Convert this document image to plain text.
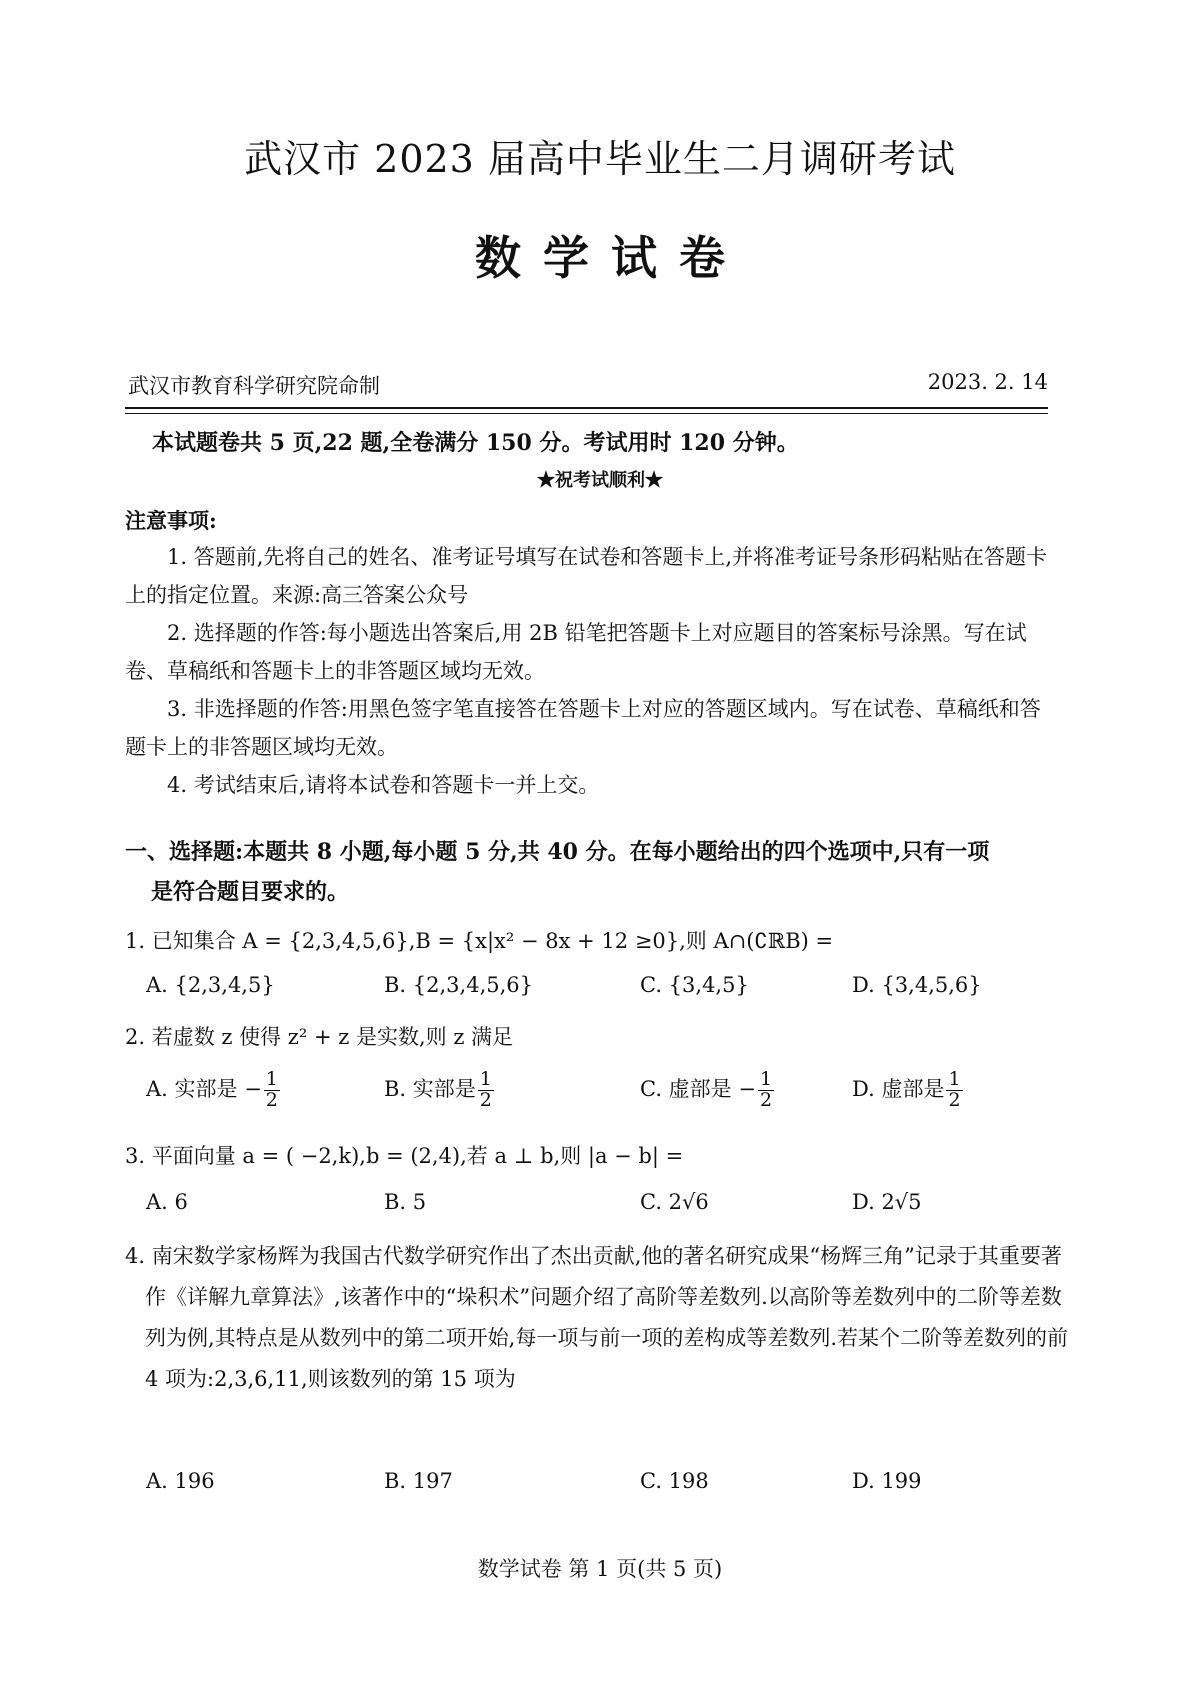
武汉市 2023 届高中毕业生二月调研考试
数学试卷
武汉市教育科学研究院命制	2023. 2. 14
本试题卷共 5 页,22 题,全卷满分 150 分。考试用时 120 分钟。
★祝考试顺利★
注意事项:
1. 答题前,先将自己的姓名、准考证号填写在试卷和答题卡上,并将准考证号条形码粘贴在答题卡上的指定位置。来源:高三答案公众号
2. 选择题的作答:每小题选出答案后,用 2B 铅笔把答题卡上对应题目的答案标号涂黑。写在试卷、草稿纸和答题卡上的非答题区域均无效。
3. 非选择题的作答:用黑色签字笔直接答在答题卡上对应的答题区域内。写在试卷、草稿纸和答题卡上的非答题区域均无效。
4. 考试结束后,请将本试卷和答题卡一并上交。
一、选择题:本题共 8 小题,每小题 5 分,共 40 分。在每小题给出的四个选项中,只有一项
是符合题目要求的。
1. 已知集合 A = {2,3,4,5,6},B = {x|x² − 8x + 12 ≥0},则 A∩(∁ℝB) =
A. {2,3,4,5}	B. {2,3,4,5,6}	C. {3,4,5}	D. {3,4,5,6}
2. 若虚数 z 使得 z² + z 是实数,则 z 满足
A. 实部是 − $\frac{1}{2}$	B. 实部是 $\frac{1}{2}$	C. 虚部是 − $\frac{1}{2}$	D. 虚部是 $\frac{1}{2}$
3. 平面向量 a = ( −2,k),b = (2,4),若 a ⊥ b,则 |a − b| =
A. 6	B. 5	C. 2√6	D. 2√5
4. 南宋数学家杨辉为我国古代数学研究作出了杰出贡献,他的著名研究成果“杨辉三角”记录于其重要著作《详解九章算法》,该著作中的“垛积术”问题介绍了高阶等差数列.以高阶等差数列中的二阶等差数列为例,其特点是从数列中的第二项开始,每一项与前一项的差构成等差数列.若某个二阶等差数列的前 4 项为:2,3,6,11,则该数列的第 15 项为
A. 196	B. 197	C. 198	D. 199
数学试卷 第 1 页(共 5 页)
